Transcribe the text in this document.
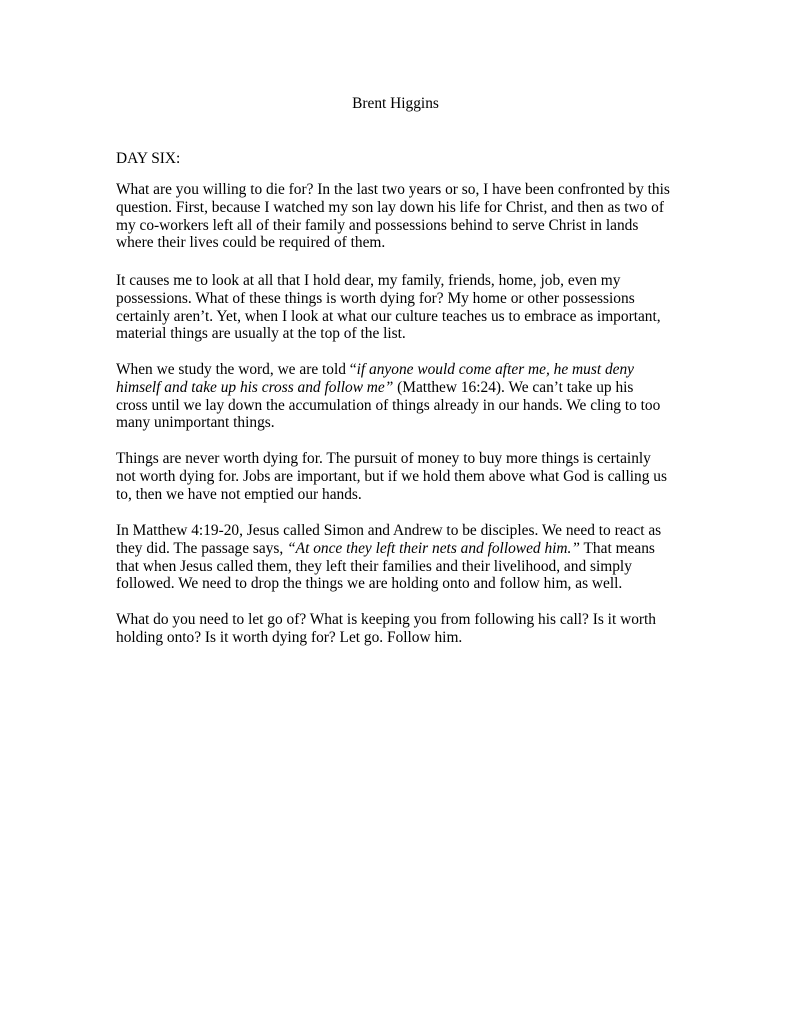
Brent Higgins
DAY SIX:
What are you willing to die for? In the last two years or so, I have been confronted by this
question. First, because I watched my son lay down his life for Christ, and then as two of
my co-workers left all of their family and possessions behind to serve Christ in lands
where their lives could be required of them.
It causes me to look at all that I hold dear, my family, friends, home, job, even my
possessions. What of these things is worth dying for? My home or other possessions
certainly aren’t. Yet, when I look at what our culture teaches us to embrace as important,
material things are usually at the top of the list.
When we study the word, we are told “if anyone would come after me, he must deny
himself and take up his cross and follow me” (Matthew 16:24). We can’t take up his
cross until we lay down the accumulation of things already in our hands. We cling to too
many unimportant things.
Things are never worth dying for. The pursuit of money to buy more things is certainly
not worth dying for. Jobs are important, but if we hold them above what God is calling us
to, then we have not emptied our hands.
In Matthew 4:19-20, Jesus called Simon and Andrew to be disciples. We need to react as
they did. The passage says, “At once they left their nets and followed him.” That means
that when Jesus called them, they left their families and their livelihood, and simply
followed. We need to drop the things we are holding onto and follow him, as well.
What do you need to let go of? What is keeping you from following his call? Is it worth
holding onto? Is it worth dying for? Let go. Follow him.
